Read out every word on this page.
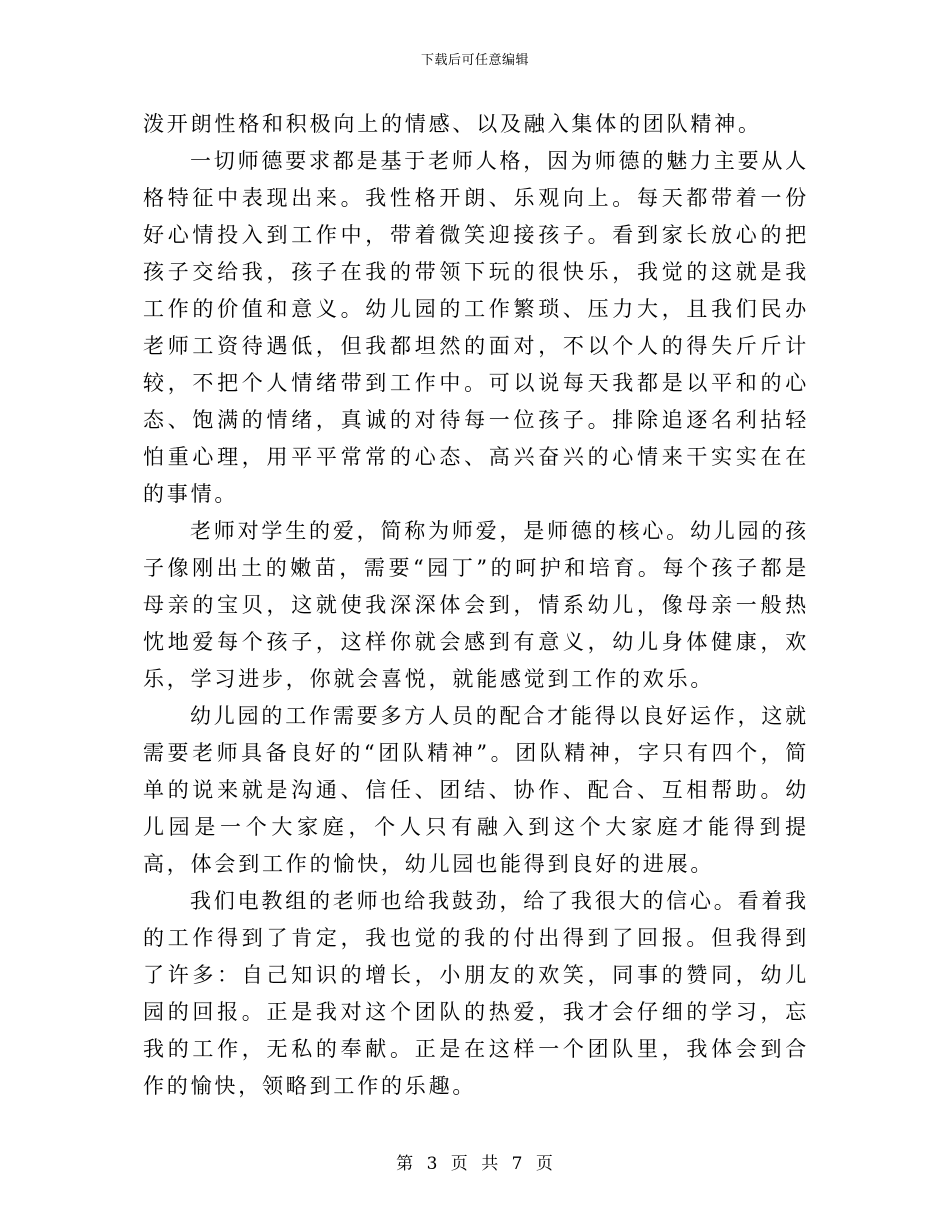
下载后可任意编辑

泼开朗性格和积极向上的情感、以及融入集体的团队精神。

一切师德要求都是基于老师人格，因为师德的魅力主要从人格特征中表现出来。我性格开朗、乐观向上。每天都带着一份好心情投入到工作中，带着微笑迎接孩子。看到家长放心的把孩子交给我，孩子在我的带领下玩的很快乐，我觉的这就是我工作的价值和意义。幼儿园的工作繁琐、压力大，且我们民办老师工资待遇低，但我都坦然的面对，不以个人的得失斤斤计较，不把个人情绪带到工作中。可以说每天我都是以平和的心态、饱满的情绪，真诚的对待每一位孩子。排除追逐名利拈轻怕重心理，用平平常常的心态、高兴奋兴的心情来干实实在在的事情。

老师对学生的爱，简称为师爱，是师德的核心。幼儿园的孩子像刚出土的嫩苗，需要“园丁”的呵护和培育。每个孩子都是母亲的宝贝，这就使我深深体会到，情系幼儿，像母亲一般热忱地爱每个孩子，这样你就会感到有意义，幼儿身体健康，欢乐，学习进步，你就会喜悦，就能感觉到工作的欢乐。

幼儿园的工作需要多方人员的配合才能得以良好运作，这就需要老师具备良好的“团队精神”。团队精神，字只有四个，简单的说来就是沟通、信任、团结、协作、配合、互相帮助。幼儿园是一个大家庭，个人只有融入到这个大家庭才能得到提高，体会到工作的愉快，幼儿园也能得到良好的进展。

我们电教组的老师也给我鼓劲，给了我很大的信心。看着我的工作得到了肯定，我也觉的我的付出得到了回报。但我得到了许多：自己知识的增长，小朋友的欢笑，同事的赞同，幼儿园的回报。正是我对这个团队的热爱，我才会仔细的学习，忘我的工作，无私的奉献。正是在这样一个团队里，我体会到合作的愉快，领略到工作的乐趣。

第 3 页 共 7 页
